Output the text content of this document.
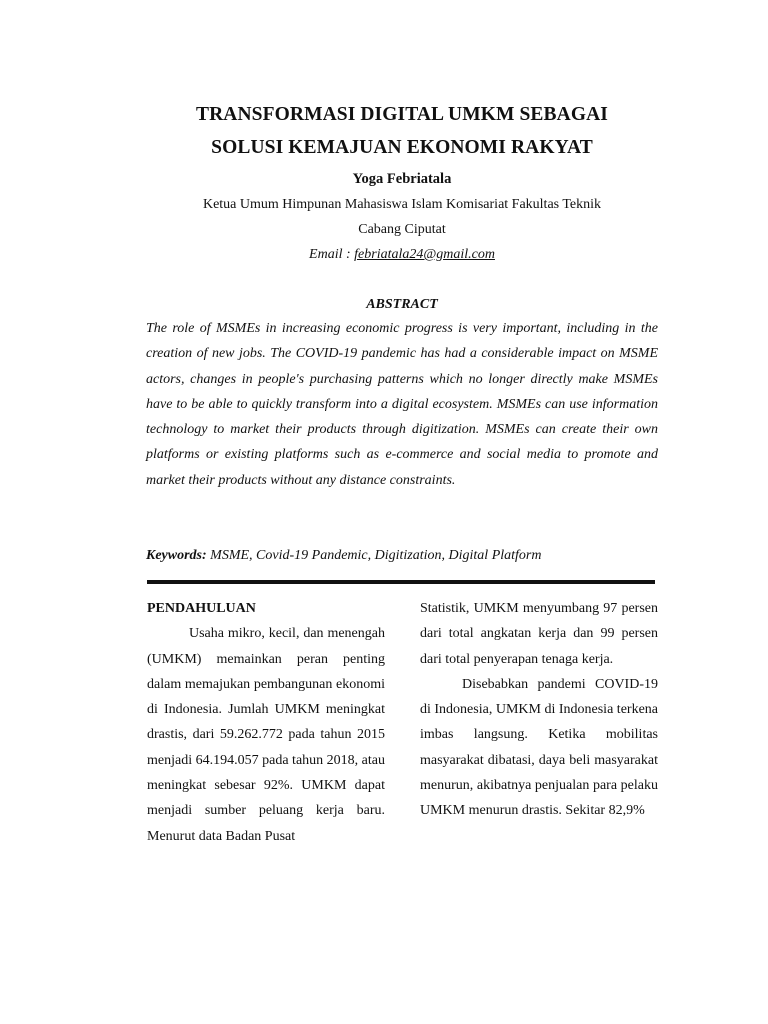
TRANSFORMASI DIGITAL UMKM SEBAGAI
SOLUSI KEMAJUAN EKONOMI RAKYAT
Yoga Febriatala
Ketua Umum Himpunan Mahasiswa Islam Komisariat Fakultas Teknik
Cabang Ciputat
Email : febriatala24@gmail.com
ABSTRACT
The role of MSMEs in increasing economic progress is very important, including in the creation of new jobs. The COVID-19 pandemic has had a considerable impact on MSME actors, changes in people's purchasing patterns which no longer directly make MSMEs have to be able to quickly transform into a digital ecosystem. MSMEs can use information technology to market their products through digitization. MSMEs can create their own platforms or existing platforms such as e-commerce and social media to promote and market their products without any distance constraints.
Keywords: MSME, Covid-19 Pandemic, Digitization, Digital Platform
PENDAHULUAN

Usaha mikro, kecil, dan menengah (UMKM) memainkan peran penting dalam memajukan pembangunan ekonomi di Indonesia. Jumlah UMKM meningkat drastis, dari 59.262.772 pada tahun 2015 menjadi 64.194.057 pada tahun 2018, atau meningkat sebesar 92%. UMKM dapat menjadi sumber peluang kerja baru. Menurut data Badan Pusat

Statistik, UMKM menyumbang 97 persen dari total angkatan kerja dan 99 persen dari total penyerapan tenaga kerja.

Disebabkan pandemi COVID-19 di Indonesia, UMKM di Indonesia terkena imbas langsung. Ketika mobilitas masyarakat dibatasi, daya beli masyarakat menurun, akibatnya penjualan para pelaku UMKM menurun drastis. Sekitar 82,9%
